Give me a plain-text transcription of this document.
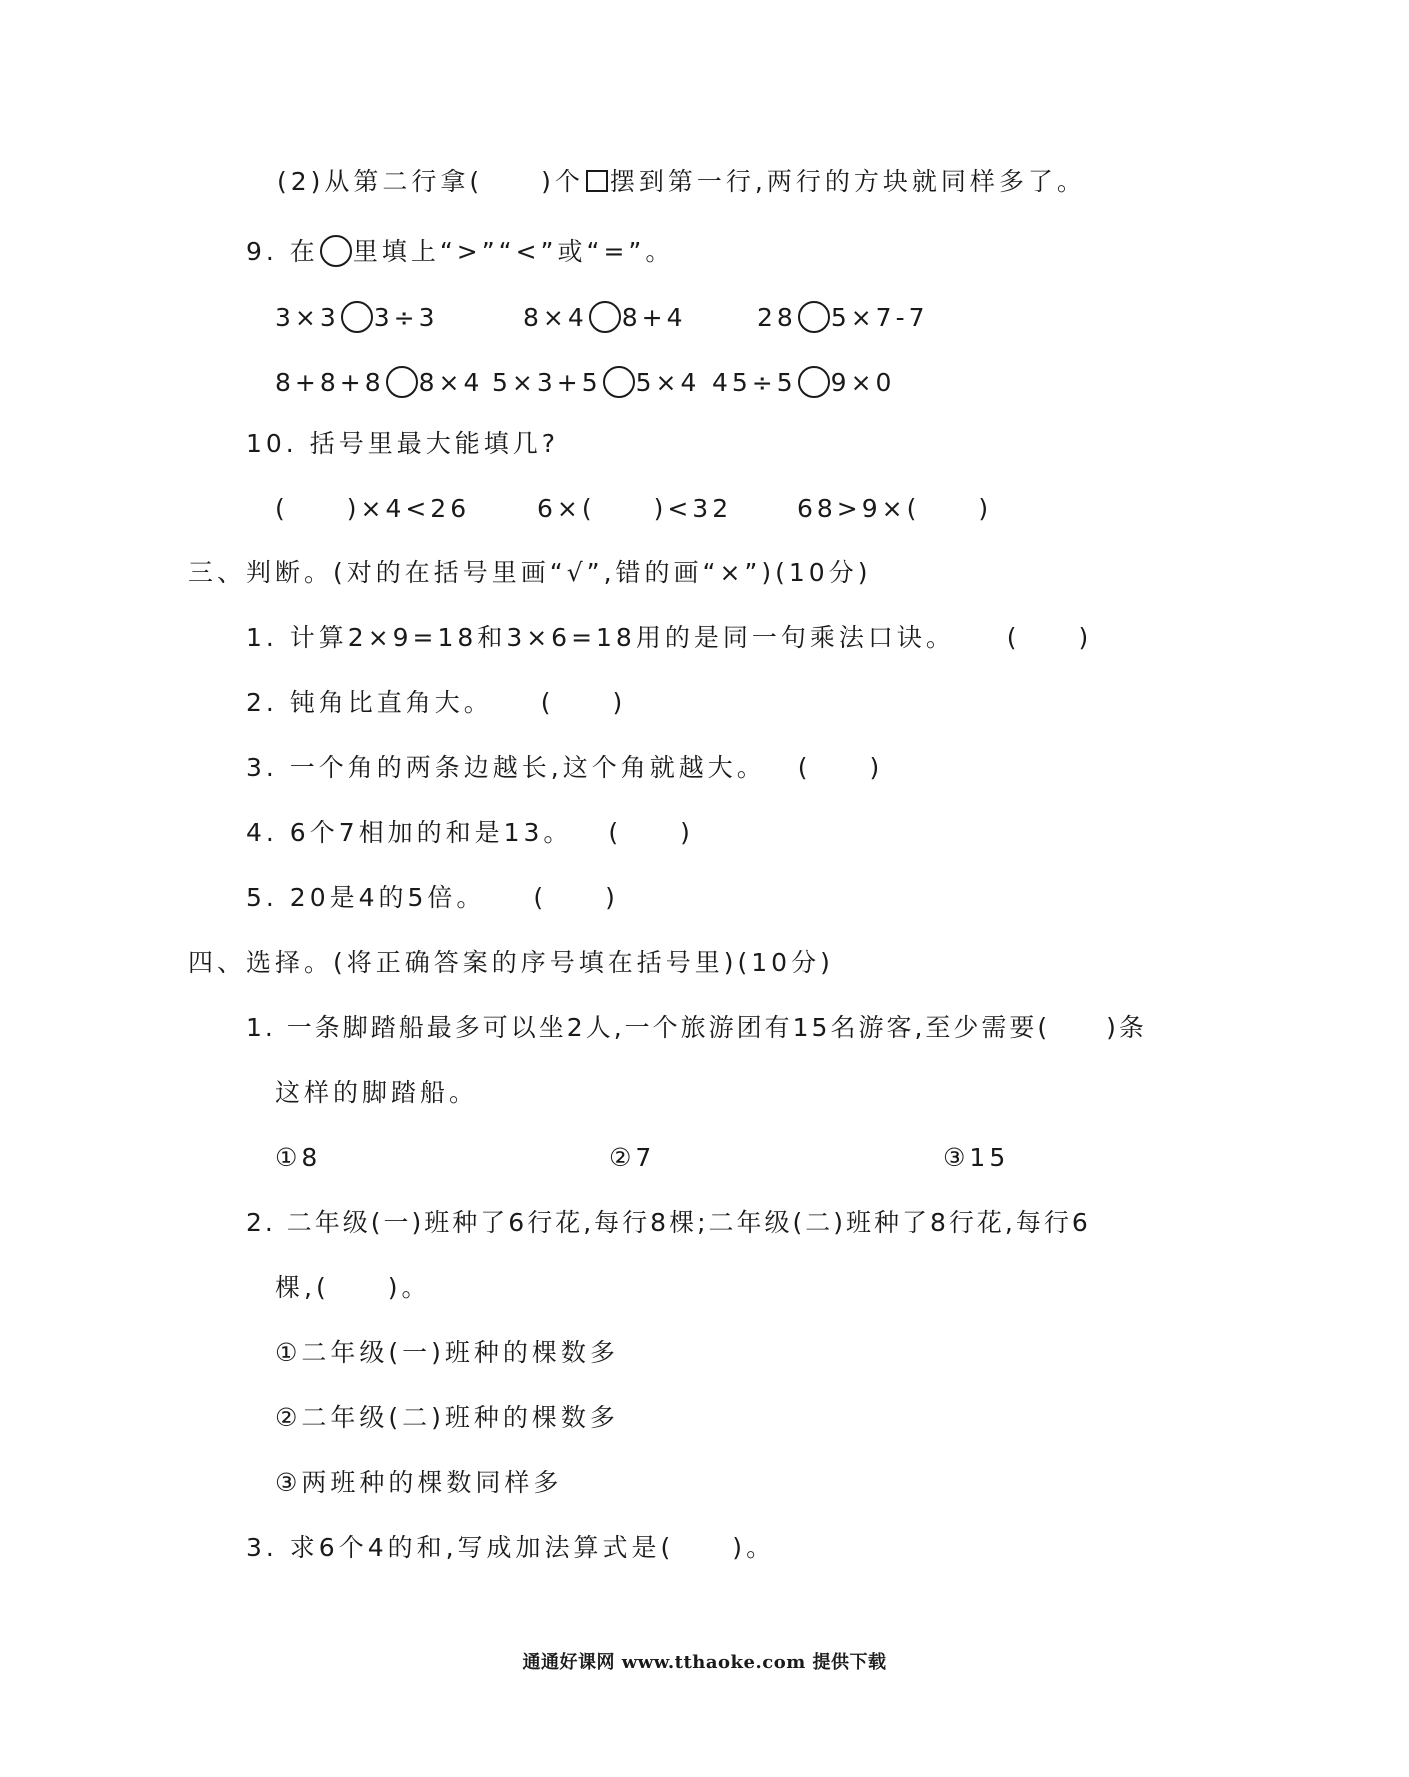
(2)从第二行拿(　　)个 摆到第一行,两行的方块就同样多了。
9. 在 里填上“>”“<”或“=”。
3×3 3÷3	8×4 8+4	28 5×7-7
8+8+8 8×4 5×3+5 5×4 45÷5 9×0
10. 括号里最大能填几?
(　　)×4<26	6×(　　)<32	68>9×(　　)
三、判断。(对的在括号里画“√”,错的画“×”)(10分)
1. 计算2×9=18和3×6=18用的是同一句乘法口诀。 (　　)
2. 钝角比直角大。 (　　)
3. 一个角的两条边越长,这个角就越大。 (　　)
4. 6个7相加的和是13。 (　　)
5. 20是4的5倍。 (　　)
四、选择。(将正确答案的序号填在括号里)(10分)
1. 一条脚踏船最多可以坐2人,一个旅游团有15名游客,至少需要(　　)条
这样的脚踏船。
①8	②7	③15
2. 二年级(一)班种了6行花,每行8棵;二年级(二)班种了8行花,每行6
棵,(　　)。
①二年级(一)班种的棵数多
②二年级(二)班种的棵数多
③两班种的棵数同样多
3. 求6个4的和,写成加法算式是(　　)。
通通好课网 www.tthaoke.com 提供下载
